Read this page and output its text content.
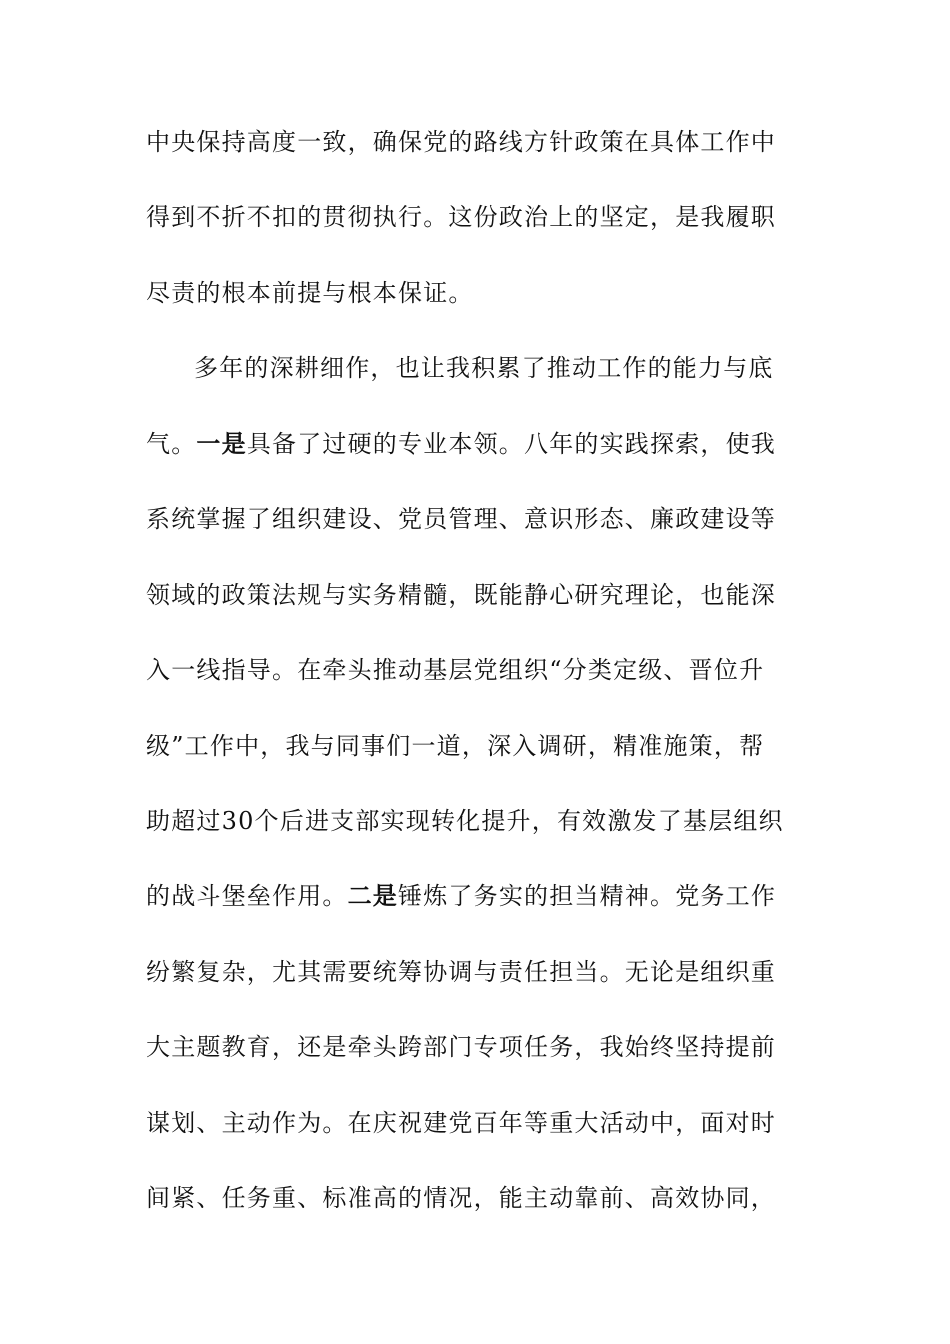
中央保持高度一致，确保党的路线方针政策在具体工作中
得到不折不扣的贯彻执行。这份政治上的坚定，是我履职
尽责的根本前提与根本保证。
多年的深耕细作，也让我积累了推动工作的能力与底
气。一是具备了过硬的专业本领。八年的实践探索，使我
系统掌握了组织建设、党员管理、意识形态、廉政建设等
领域的政策法规与实务精髓，既能静心研究理论，也能深
入一线指导。在牵头推动基层党组织“分类定级、晋位升
级”工作中，我与同事们一道，深入调研，精准施策，帮
助超过30个后进支部实现转化提升，有效激发了基层组织
的战斗堡垒作用。二是锤炼了务实的担当精神。党务工作
纷繁复杂，尤其需要统筹协调与责任担当。无论是组织重
大主题教育，还是牵头跨部门专项任务，我始终坚持提前
谋划、主动作为。在庆祝建党百年等重大活动中，面对时
间紧、任务重、标准高的情况，能主动靠前、高效协同，
